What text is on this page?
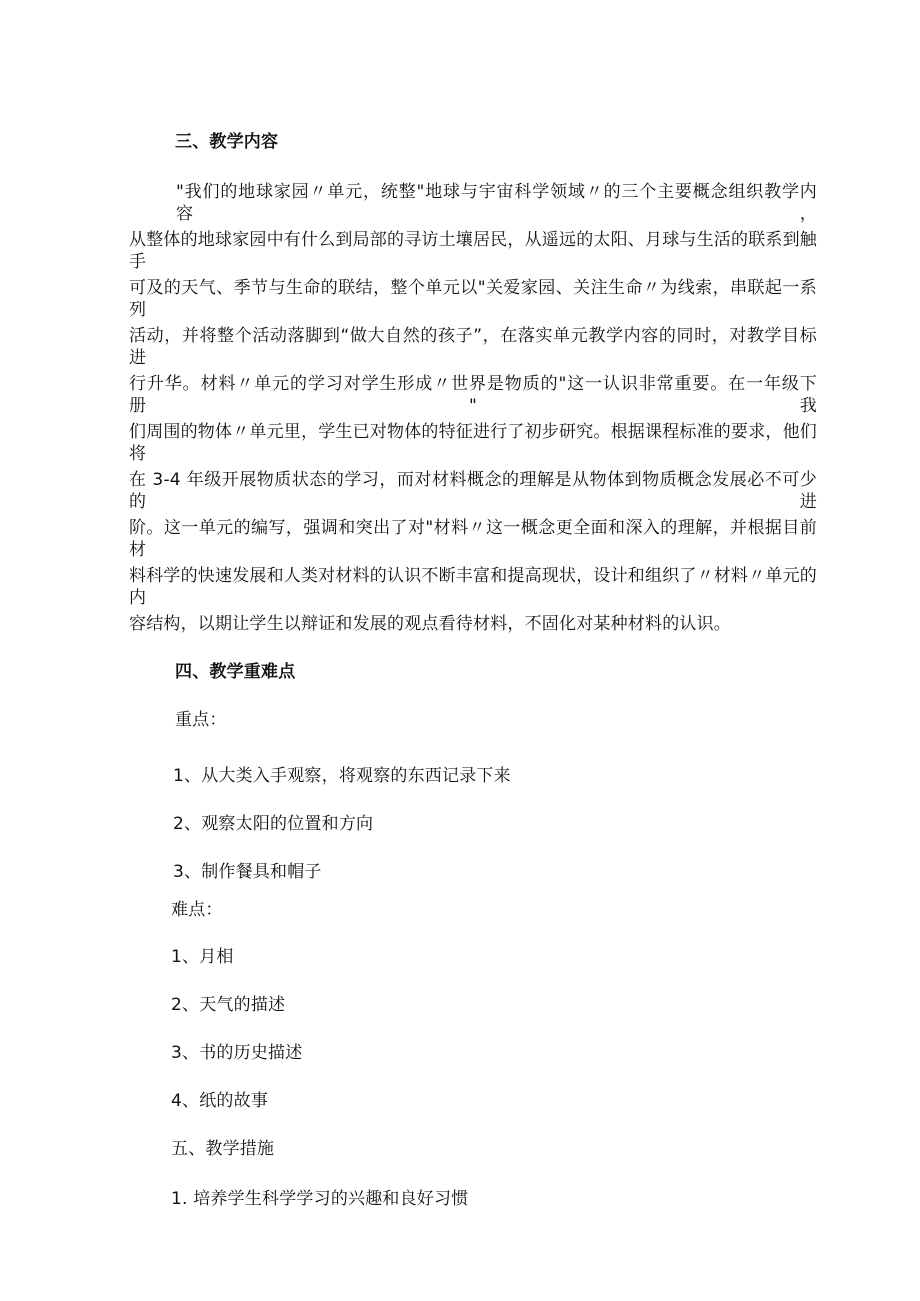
三、教学内容
"我们的地球家园〃单元，统整"地球与宇宙科学领域〃的三个主要概念组织教学内容，
从整体的地球家园中有什么到局部的寻访土壤居民，从遥远的太阳、月球与生活的联系到触手
可及的天气、季节与生命的联结，整个单元以"关爱家园、关注生命〃为线索，串联起一系列
活动，并将整个活动落脚到“做大自然的孩子”，在落实单元教学内容的同时，对教学目标进
行升华。材料〃单元的学习对学生形成〃世界是物质的"这一认识非常重要。在一年级下册"我
们周围的物体〃单元里，学生已对物体的特征进行了初步研究。根据课程标准的要求，他们将
在 3-4 年级开展物质状态的学习，而对材料概念的理解是从物体到物质概念发展必不可少的进
阶。这一单元的编写，强调和突出了对"材料〃这一概念更全面和深入的理解，并根据目前材
料科学的快速发展和人类对材料的认识不断丰富和提高现状，设计和组织了〃材料〃单元的内
容结构，以期让学生以辩证和发展的观点看待材料，不固化对某种材料的认识。
四、教学重难点
重点：
1、从大类入手观察，将观察的东西记录下来
2、观察太阳的位置和方向
3、制作餐具和帽子
难点：
1、月相
2、天气的描述
3、书的历史描述
4、纸的故事
五、教学措施
1. 培养学生科学学习的兴趣和良好习惯
